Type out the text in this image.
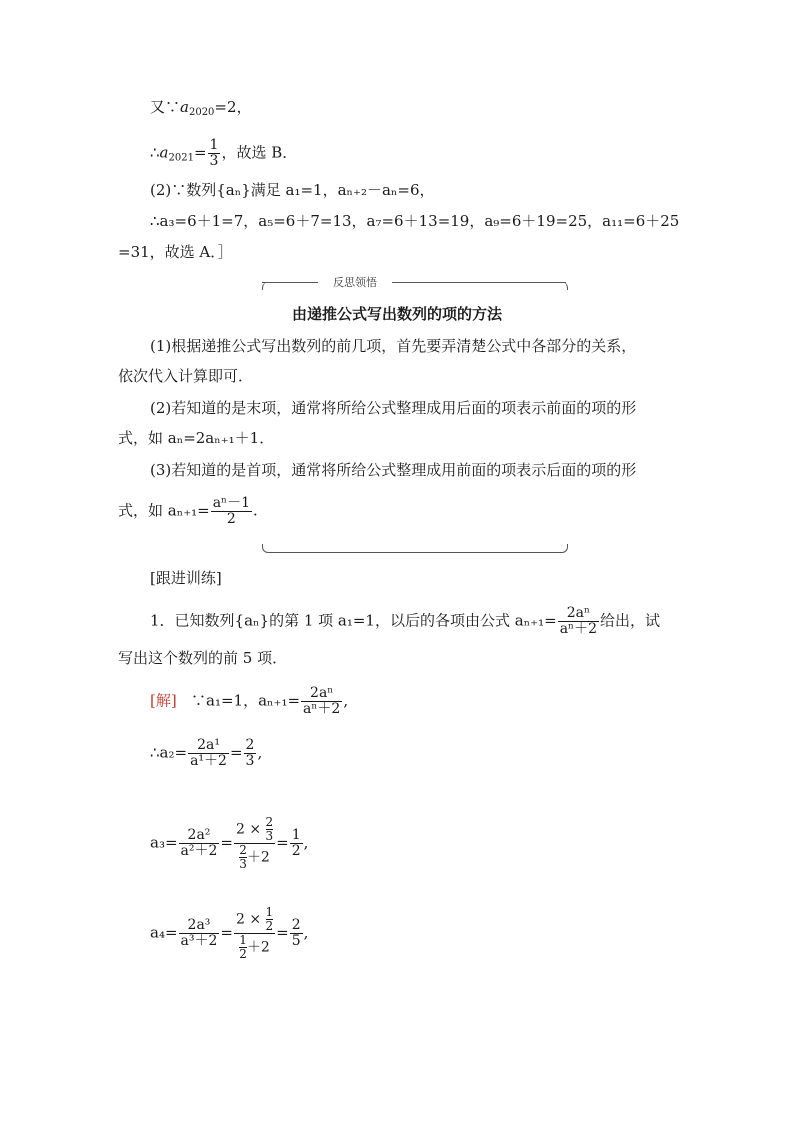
又$\because a_{2020}=2$，
$\therefore a_{2021}= \frac{1}{3}$ ，故选 B．
(2)∵数列{aₙ}满足 a₁=1，aₙ₊₂－aₙ=6，
∴a₃=6＋1=7，a₅=6＋7=13，a₇=6＋13=19，a₉=6＋19=25，a₁₁=6＋25
=31，故选 A．］
反思领悟
由递推公式写出数列的项的方法
(1)根据递推公式写出数列的前几项，首先要弄清楚公式中各部分的关系，
依次代入计算即可．
(2)若知道的是末项，通常将所给公式整理成用后面的项表示前面的项的形
式，如 aₙ=2aₙ₊₁＋1．
(3)若知道的是首项，通常将所给公式整理成用前面的项表示后面的项的形
式，如 $a_{n+1}= \frac{\text{aⁿ－1}}{2}$ .
[跟进训练]
1．已知数列{aₙ}的第 1 项 a₁=1，以后的各项由公式 $a_{n+1}= \frac{\text{2aⁿ}}{\text{aⁿ＋2}}$ 给出，试
写出这个数列的前 5 项．
[解] ∵a₁=1，$a_{n+1}= \frac{\text{2aⁿ}}{\text{aⁿ＋2}}$ ,
∴a₂= $\frac{\text{2a¹}}{\text{a¹＋2}} = \frac{2}{3}$ ,
$a_3= \frac{\text{2a²}}{\text{a²＋2}} = \frac{2 \times \frac{2}{3}}{\frac{2}{3} +2} = \frac{1}{2}$ ,
$a_4= \frac{\text{2a³}}{\text{a³＋2}} = \frac{2 \times \frac{1}{2}}{\frac{1}{2} +2} = \frac{2}{5}$ ,
